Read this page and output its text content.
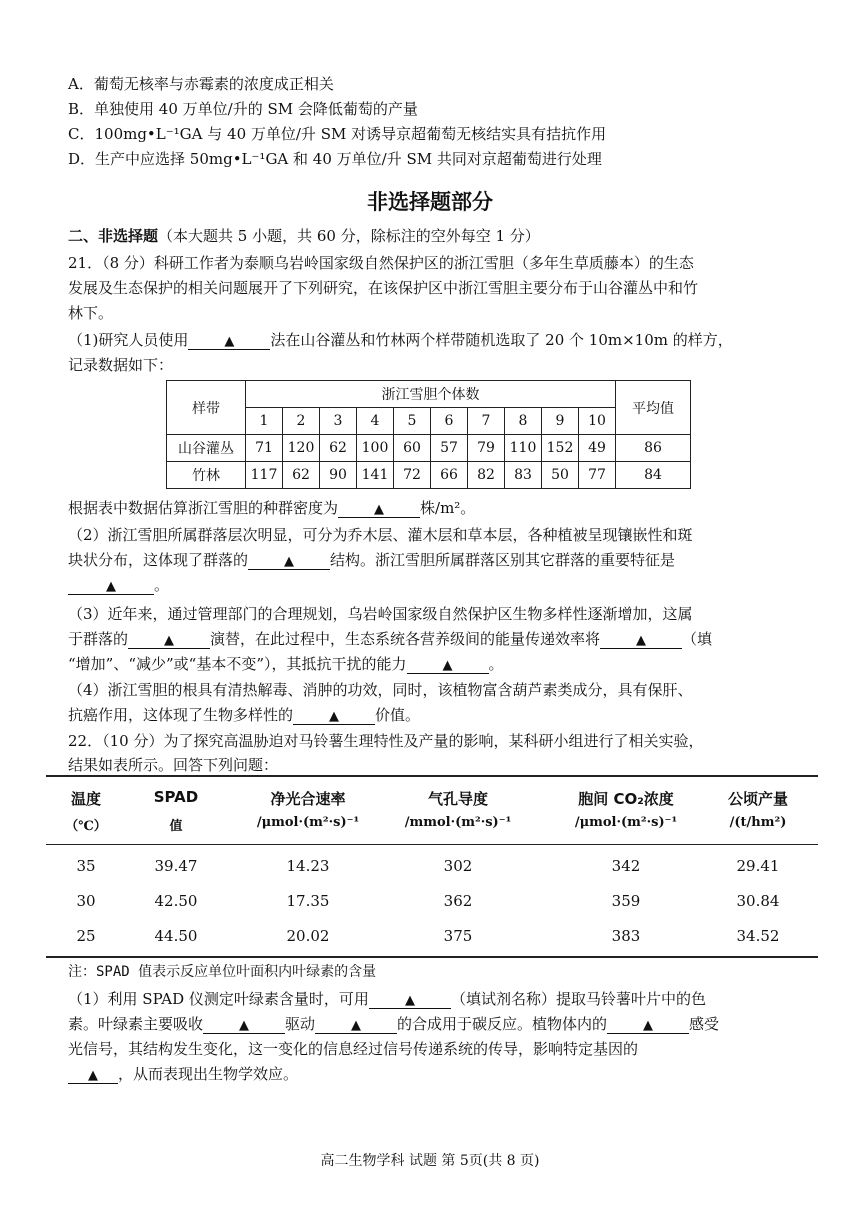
A．葡萄无核率与赤霉素的浓度成正相关
B．单独使用 40 万单位/升的 SM 会降低葡萄的产量
C．100mg•L⁻¹GA 与 40 万单位/升 SM 对诱导京超葡萄无核结实具有拮抗作用
D．生产中应选择 50mg•L⁻¹GA 和 40 万单位/升 SM 共同对京超葡萄进行处理
非选择题部分
二、非选择题（本大题共 5 小题，共 60 分，除标注的空外每空 1 分）
21．（8 分）科研工作者为泰顺乌岩岭国家级自然保护区的浙江雪胆（多年生草质藤本）的生态
发展及生态保护的相关问题展开了下列研究，在该保护区中浙江雪胆主要分布于山谷灌丛中和竹
林下。
（1)研究人员使用	▲ 法在山谷灌丛和竹林两个样带随机选取了 20 个 10m×10m 的样方，
记录数据如下：
样带	浙江雪胆个体数										平均值
	1	2	3	4	5	6	7	8	9	10	
山谷灌丛	71	120	62	100	60	57	79	110	152	49	86
竹林	117	62	90	141	72	66	82	83	50	77	84
根据表中数据估算浙江雪胆的种群密度为	▲ 株/m²。
（2）浙江雪胆所属群落层次明显，可分为乔木层、灌木层和草本层，各种植被呈现镶嵌性和斑
块状分布，这体现了群落的	▲ 结构。浙江雪胆所属群落区别其它群落的重要特征是
▲	。
（3）近年来，通过管理部门的合理规划，乌岩岭国家级自然保护区生物多样性逐渐增加，这属
于群落的	▲ 演替，在此过程中，生态系统各营养级间的能量传递效率将	▲ （填
“增加”、“减少”或“基本不变”），其抵抗干扰的能力	▲ 。
（4）浙江雪胆的根具有清热解毒、消肿的功效，同时，该植物富含葫芦素类成分，具有保肝、
抗癌作用，这体现了生物多样性的	▲ 价值。
22．（10 分）为了探究高温胁迫对马铃薯生理特性及产量的影响，某科研小组进行了相关实验，
结果如表所示。回答下列问题：
温度	SPAD	净光合速率	气孔导度	胞间 CO₂浓度	公顷产量
（℃）	值	/μmol·(m²·s)⁻¹	/mmol·(m²·s)⁻¹	/μmol·(m²·s)⁻¹	/(t/hm²)
35	39.47	14.23	302	342	29.41
30	42.50	17.35	362	359	30.84
25	44.50	20.02	375	383	34.52
注：SPAD 值表示反应单位叶面积内叶绿素的含量
（1）利用 SPAD 仪测定叶绿素含量时，可用	▲ （填试剂名称）提取马铃薯叶片中的色
素。叶绿素主要吸收	▲ 驱动	▲ 的合成用于碳反应。植物体内的	▲ 感受
光信号，其结构发生变化，这一变化的信息经过信号传递系统的传导，影响特定基因的
▲ ，从而表现出生物学效应。
高二生物学科 试题 第 5页(共 8 页)
